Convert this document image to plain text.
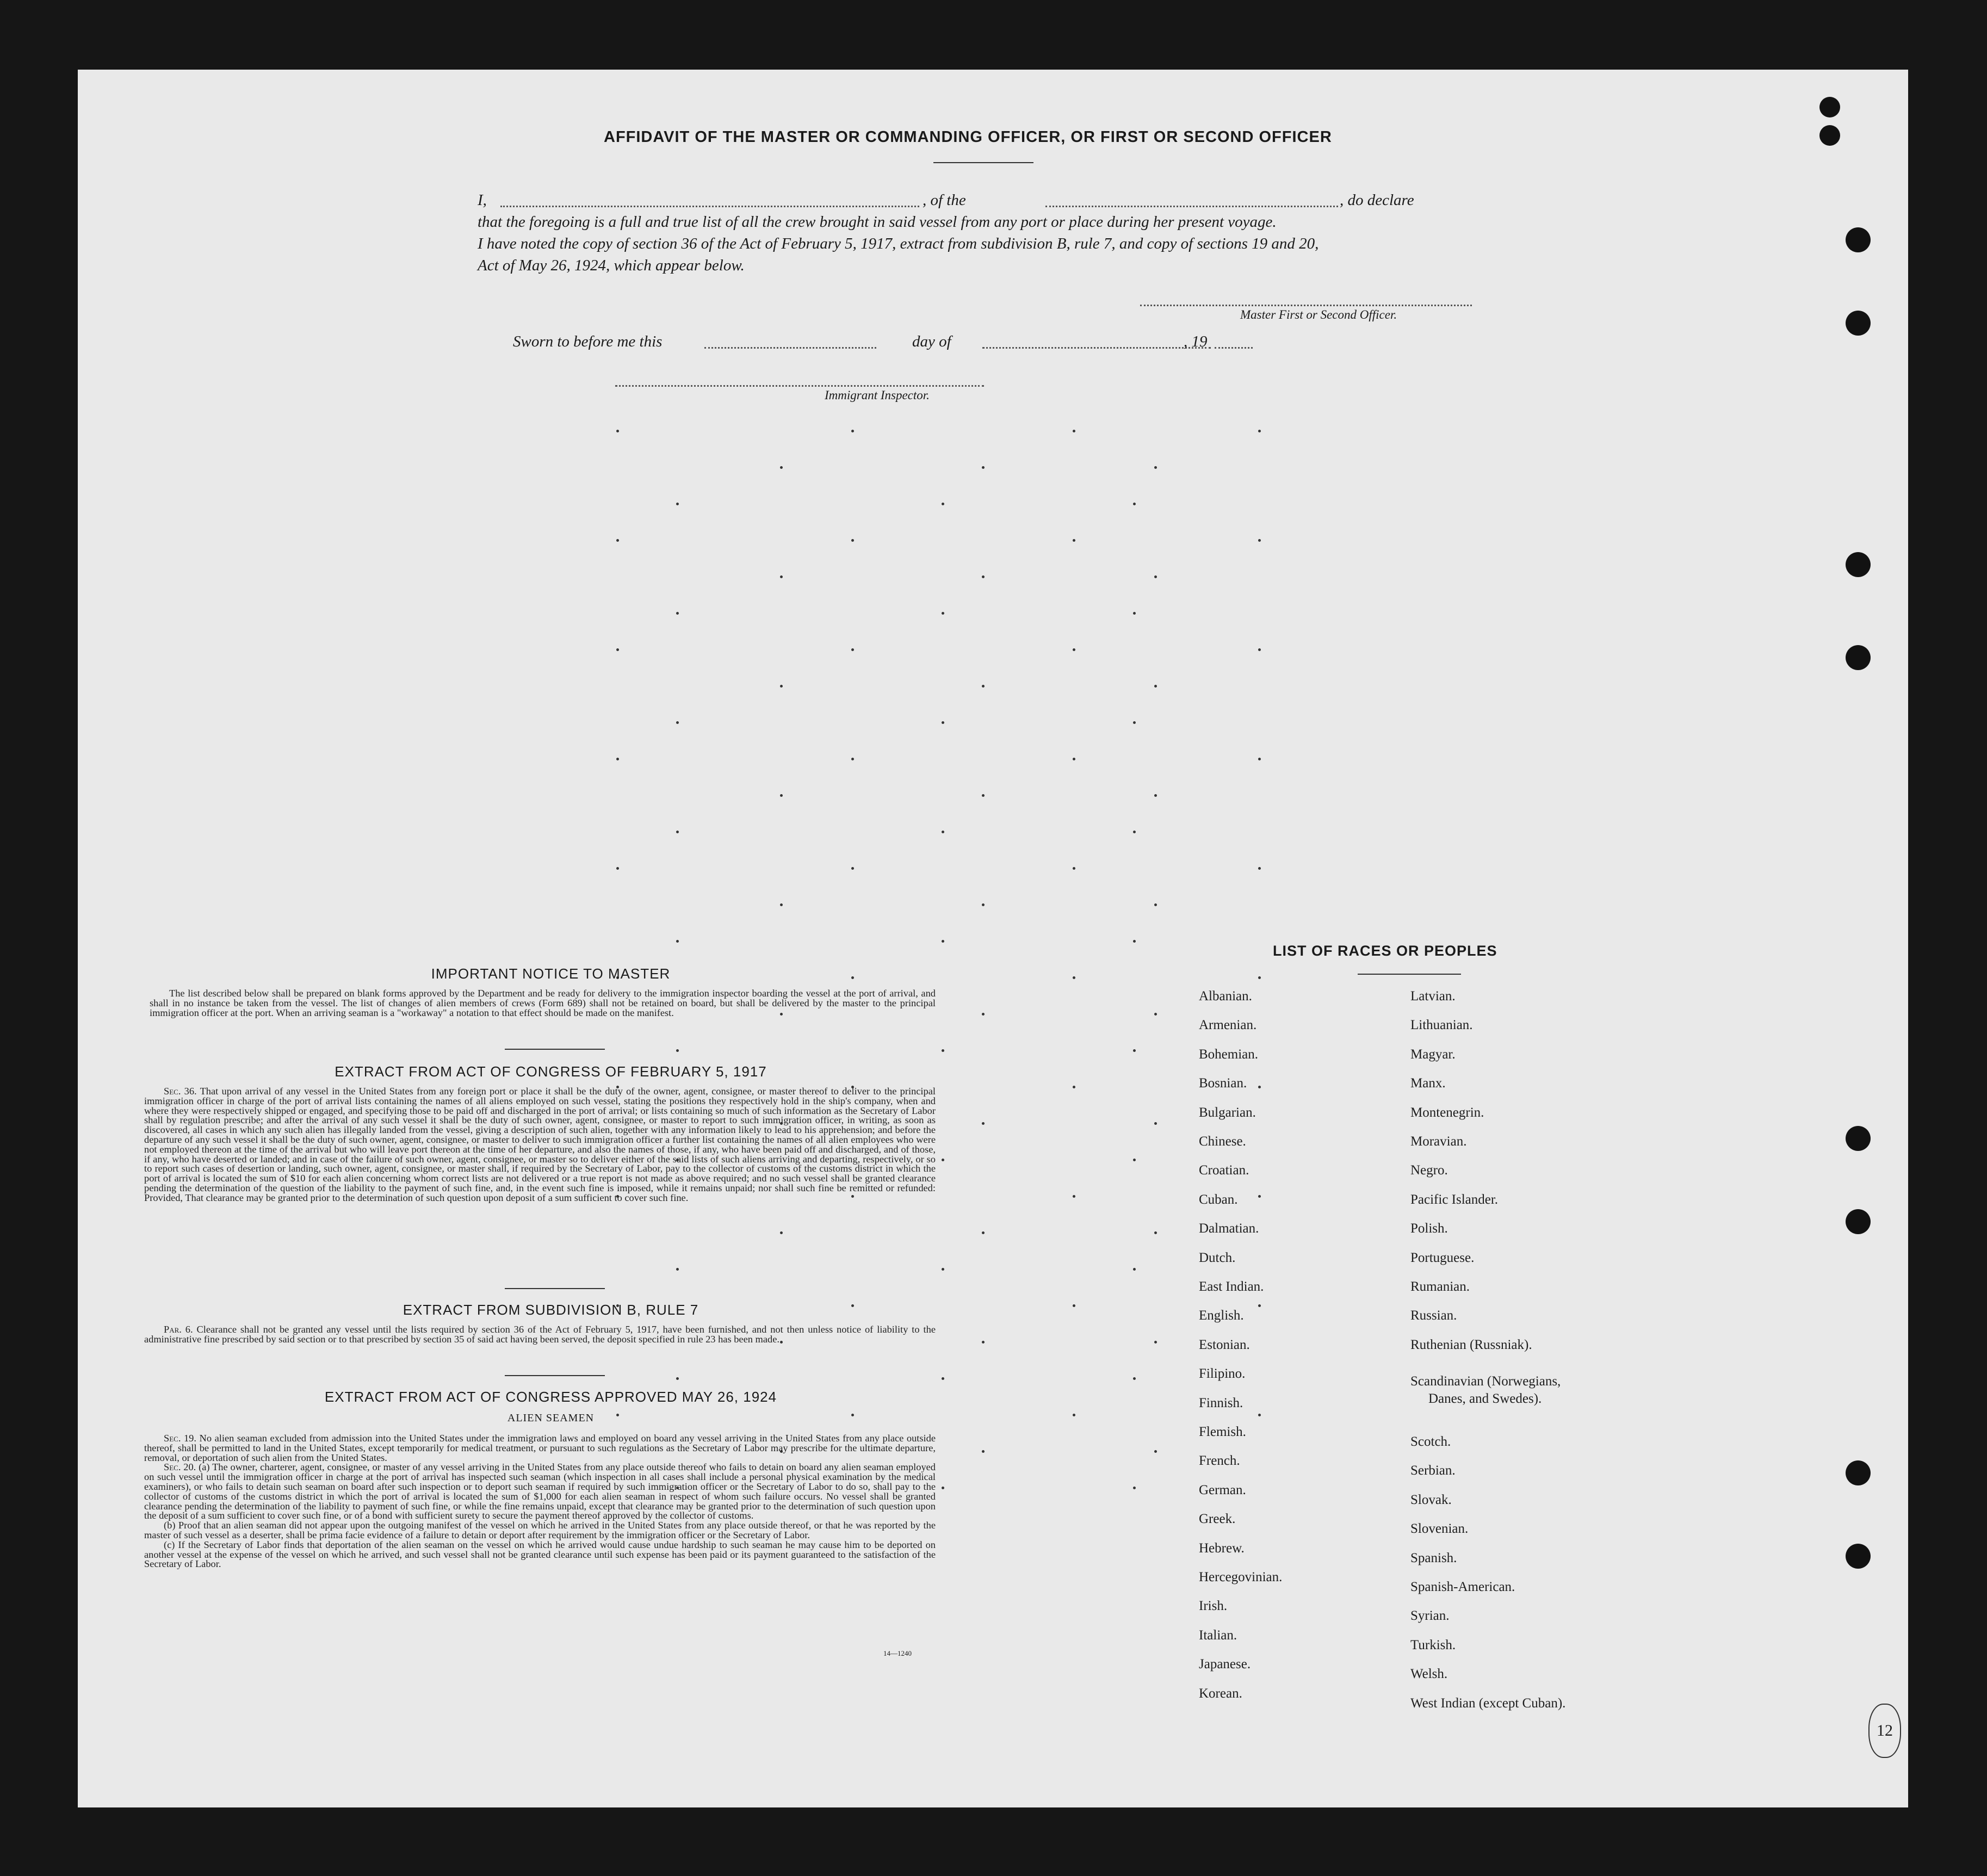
AFFIDAVIT OF THE MASTER OR COMMANDING OFFICER, OR FIRST OR SECOND OFFICER
I,	, of the	, do declare
that the foregoing is a full and true list of all the crew brought in said vessel from any port or place during her present voyage.
I have noted the copy of section 36 of the Act of February 5, 1917, extract from subdivision B, rule 7, and copy of sections 19 and 20,
Act of May 26, 1924, which appear below.
Master First or Second Officer.
Sworn to before me this	day of	, 19
Immigrant Inspector.
IMPORTANT NOTICE TO MASTER

The list described below shall be prepared on blank forms approved by the Department and be ready for delivery to the immigration inspector boarding the vessel at the port of arrival, and shall in no instance be taken from the vessel. The list of changes of alien members of crews (Form 689) shall not be retained on board, but shall be delivered by the master to the principal immigration officer at the port. When an arriving seaman is a "workaway" a notation to that effect should be made on the manifest.

EXTRACT FROM ACT OF CONGRESS OF FEBRUARY 5, 1917

Sec. 36. That upon arrival of any vessel in the United States from any foreign port or place it shall be the duty of the owner, agent, consignee, or master thereof to deliver to the principal immigration officer in charge of the port of arrival lists containing the names of all aliens employed on such vessel, stating the positions they respectively hold in the ship's company, when and where they were respectively shipped or engaged, and specifying those to be paid off and discharged in the port of arrival; or lists containing so much of such information as the Secretary of Labor shall by regulation prescribe; and after the arrival of any such vessel it shall be the duty of such owner, agent, consignee, or master to report to such immigration officer, in writing, as soon as discovered, all cases in which any such alien has illegally landed from the vessel, giving a description of such alien, together with any information likely to lead to his apprehension; and before the departure of any such vessel it shall be the duty of such owner, agent, consignee, or master to deliver to such immigration officer a further list containing the names of all alien employees who were not employed thereon at the time of the arrival but who will leave port thereon at the time of her departure, and also the names of those, if any, who have been paid off and discharged, and of those, if any, who have deserted or landed; and in case of the failure of such owner, agent, consignee, or master so to deliver either of the said lists of such aliens arriving and departing, respectively, or so to report such cases of desertion or landing, such owner, agent, consignee, or master shall, if required by the Secretary of Labor, pay to the collector of customs of the customs district in which the port of arrival is located the sum of $10 for each alien concerning whom correct lists are not delivered or a true report is not made as above required; and no such vessel shall be granted clearance pending the determination of the question of the liability to the payment of such fine, and, in the event such fine is imposed, while it remains unpaid; nor shall such fine be remitted or refunded: Provided, That clearance may be granted prior to the determination of such question upon deposit of a sum sufficient to cover such fine.

EXTRACT FROM SUBDIVISION B, RULE 7

Par. 6. Clearance shall not be granted any vessel until the lists required by section 36 of the Act of February 5, 1917, have been furnished, and not then unless notice of liability to the administrative fine prescribed by said section or to that prescribed by section 35 of said act having been served, the deposit specified in rule 23 has been made.

EXTRACT FROM ACT OF CONGRESS APPROVED MAY 26, 1924
ALIEN SEAMEN

Sec. 19. No alien seaman excluded from admission into the United States under the immigration laws and employed on board any vessel arriving in the United States from any place outside thereof, shall be permitted to land in the United States, except temporarily for medical treatment, or pursuant to such regulations as the Secretary of Labor may prescribe for the ultimate departure, removal, or deportation of such alien from the United States.

Sec. 20. (a) The owner, charterer, agent, consignee, or master of any vessel arriving in the United States from any place outside thereof who fails to detain on board any alien seaman employed on such vessel until the immigration officer in charge at the port of arrival has inspected such seaman (which inspection in all cases shall include a personal physical examination by the medical examiners), or who fails to detain such seaman on board after such inspection or to deport such seaman if required by such immigration officer or the Secretary of Labor to do so, shall pay to the collector of customs of the customs district in which the port of arrival is located the sum of $1,000 for each alien seaman in respect of whom such failure occurs. No vessel shall be granted clearance pending the determination of the liability to payment of such fine, or while the fine remains unpaid, except that clearance may be granted prior to the determination of such question upon the deposit of a sum sufficient to cover such fine, or of a bond with sufficient surety to secure the payment thereof approved by the collector of customs.

(b) Proof that an alien seaman did not appear upon the outgoing manifest of the vessel on which he arrived in the United States from any place outside thereof, or that he was reported by the master of such vessel as a deserter, shall be prima facie evidence of a failure to detain or deport after requirement by the immigration officer or the Secretary of Labor.

(c) If the Secretary of Labor finds that deportation of the alien seaman on the vessel on which he arrived would cause undue hardship to such seaman he may cause him to be deported on another vessel at the expense of the vessel on which he arrived, and such vessel shall not be granted clearance until such expense has been paid or its payment guaranteed to the satisfaction of the Secretary of Labor.

14—1240
LIST OF RACES OR PEOPLES
Albanian.
Armenian.
Bohemian.
Bosnian.
Bulgarian.
Chinese.
Croatian.
Cuban.
Dalmatian.
Dutch.
East Indian.
English.
Estonian.
Filipino.
Finnish.
Flemish.
French.
German.
Greek.
Hebrew.
Hercegovinian.
Irish.
Italian.
Japanese.
Korean.
Latvian.
Lithuanian.
Magyar.
Manx.
Montenegrin.
Moravian.
Negro.
Pacific Islander.
Polish.
Portuguese.
Rumanian.
Russian.
Ruthenian (Russniak).
Scandinavian (Norwegians,
Danes, and Swedes).
Scotch.
Serbian.
Slovak.
Slovenian.
Spanish.
Spanish-American.
Syrian.
Turkish.
Welsh.
West Indian (except Cuban).
12
